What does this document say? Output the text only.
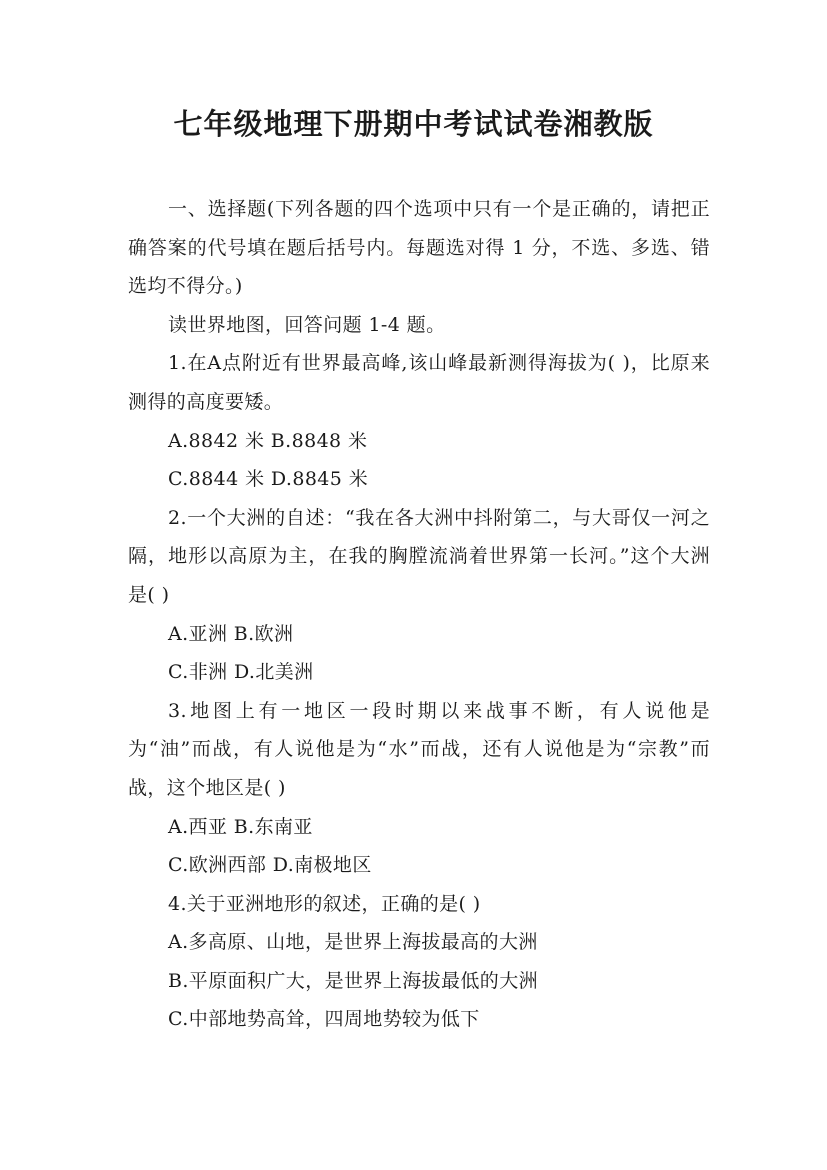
七年级地理下册期中考试试卷湘教版

一、选择题(下列各题的四个选项中只有一个是正确的，请把正确答案的代号填在题后括号内。每题选对得 1 分，不选、多选、错选均不得分。)

读世界地图，回答问题 1-4 题。

1.在A点附近有世界最高峰,该山峰最新测得海拔为( )，比原来测得的高度要矮。

A.8842 米 B.8848 米

C.8844 米 D.8845 米

2.一个大洲的自述：“我在各大洲中抖附第二，与大哥仅一河之隔，地形以高原为主，在我的胸膛流淌着世界第一长河。”这个大洲是( )

A.亚洲 B.欧洲

C.非洲 D.北美洲

3.地图上有一地区一段时期以来战事不断，有人说他是为“油”而战，有人说他是为“水”而战，还有人说他是为“宗教”而战，这个地区是( )

A.西亚 B.东南亚

C.欧洲西部 D.南极地区

4.关于亚洲地形的叙述，正确的是( )

A.多高原、山地，是世界上海拔最高的大洲

B.平原面积广大，是世界上海拔最低的大洲

C.中部地势高耸，四周地势较为低下
